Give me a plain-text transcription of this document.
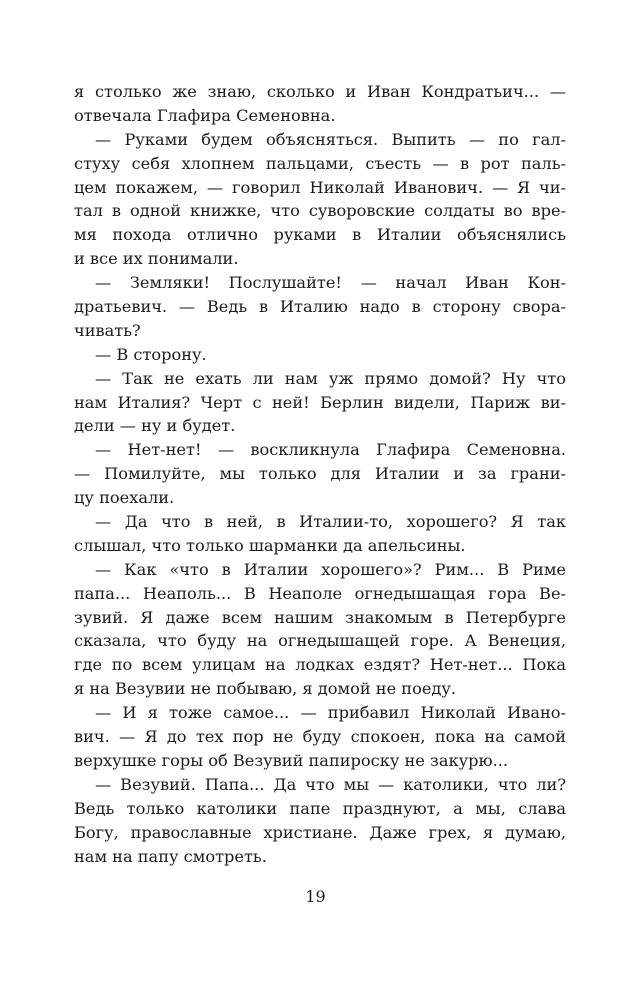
я столько же знаю, сколько и Иван Кондратьич... —
отвечала Глафира Семеновна.
— Руками будем объясняться. Выпить — по гал-
стуху себя хлопнем пальцами, съесть — в рот паль-
цем покажем, — говорил Николай Иванович. — Я чи-
тал в одной книжке, что суворовские солдаты во вре-
мя похода отлично руками в Италии объяснялись
и все их понимали.
— Земляки! Послушайте! — начал Иван Кон-
дратьевич. — Ведь в Италию надо в сторону свора-
чивать?
— В сторону.
— Так не ехать ли нам уж прямо домой? Ну что
нам Италия? Черт с ней! Берлин видели, Париж ви-
дели — ну и будет.
— Нет-нет! — воскликнула Глафира Семеновна.
— Помилуйте, мы только для Италии и за грани-
цу поехали.
— Да что в ней, в Италии-то, хорошего? Я так
слышал, что только шарманки да апельсины.
— Как «что в Италии хорошего»? Рим... В Риме
папа... Неаполь... В Неаполе огнедышащая гора Ве-
зувий. Я даже всем нашим знакомым в Петербурге
сказала, что буду на огнедышащей горе. А Венеция,
где по всем улицам на лодках ездят? Нет-нет... Пока
я на Везувии не побываю, я домой не поеду.
— И я тоже самое... — прибавил Николай Ивано-
вич. — Я до тех пор не буду спокоен, пока на самой
верхушке горы об Везувий папироску не закурю...
— Везувий. Папа... Да что мы — католики, что ли?
Ведь только католики папе празднуют, а мы, слава
Богу, православные христиане. Даже грех, я думаю,
нам на папу смотреть.
19
